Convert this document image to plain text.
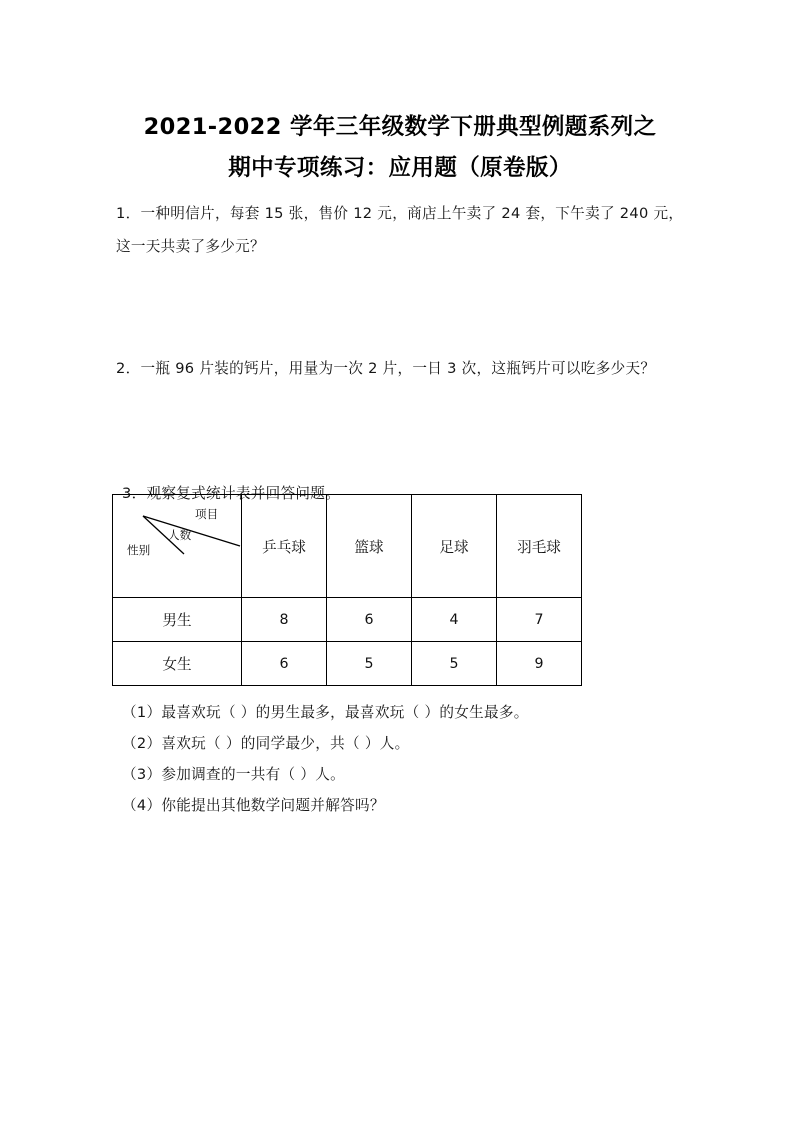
2021-2022 学年三年级数学下册典型例题系列之
期中专项练习：应用题（原卷版）

1．一种明信片，每套 15 张，售价 12 元，商店上午卖了 24 套，下午卖了 240 元，这一天共卖了多少元？

2．一瓶 96 片装的钙片，用量为一次 2 片，一日 3 次，这瓶钙片可以吃多少天？

3．观察复式统计表并回答问题。

项目
人数
性别	乒乓球	篮球	足球	羽毛球
男生	8	6	4	7
女生	6	5	5	9

（1）最喜欢玩（ ）的男生最多，最喜欢玩（ ）的女生最多。

（2）喜欢玩（ ）的同学最少，共（ ）人。

（3）参加调查的一共有（ ）人。

（4）你能提出其他数学问题并解答吗？
